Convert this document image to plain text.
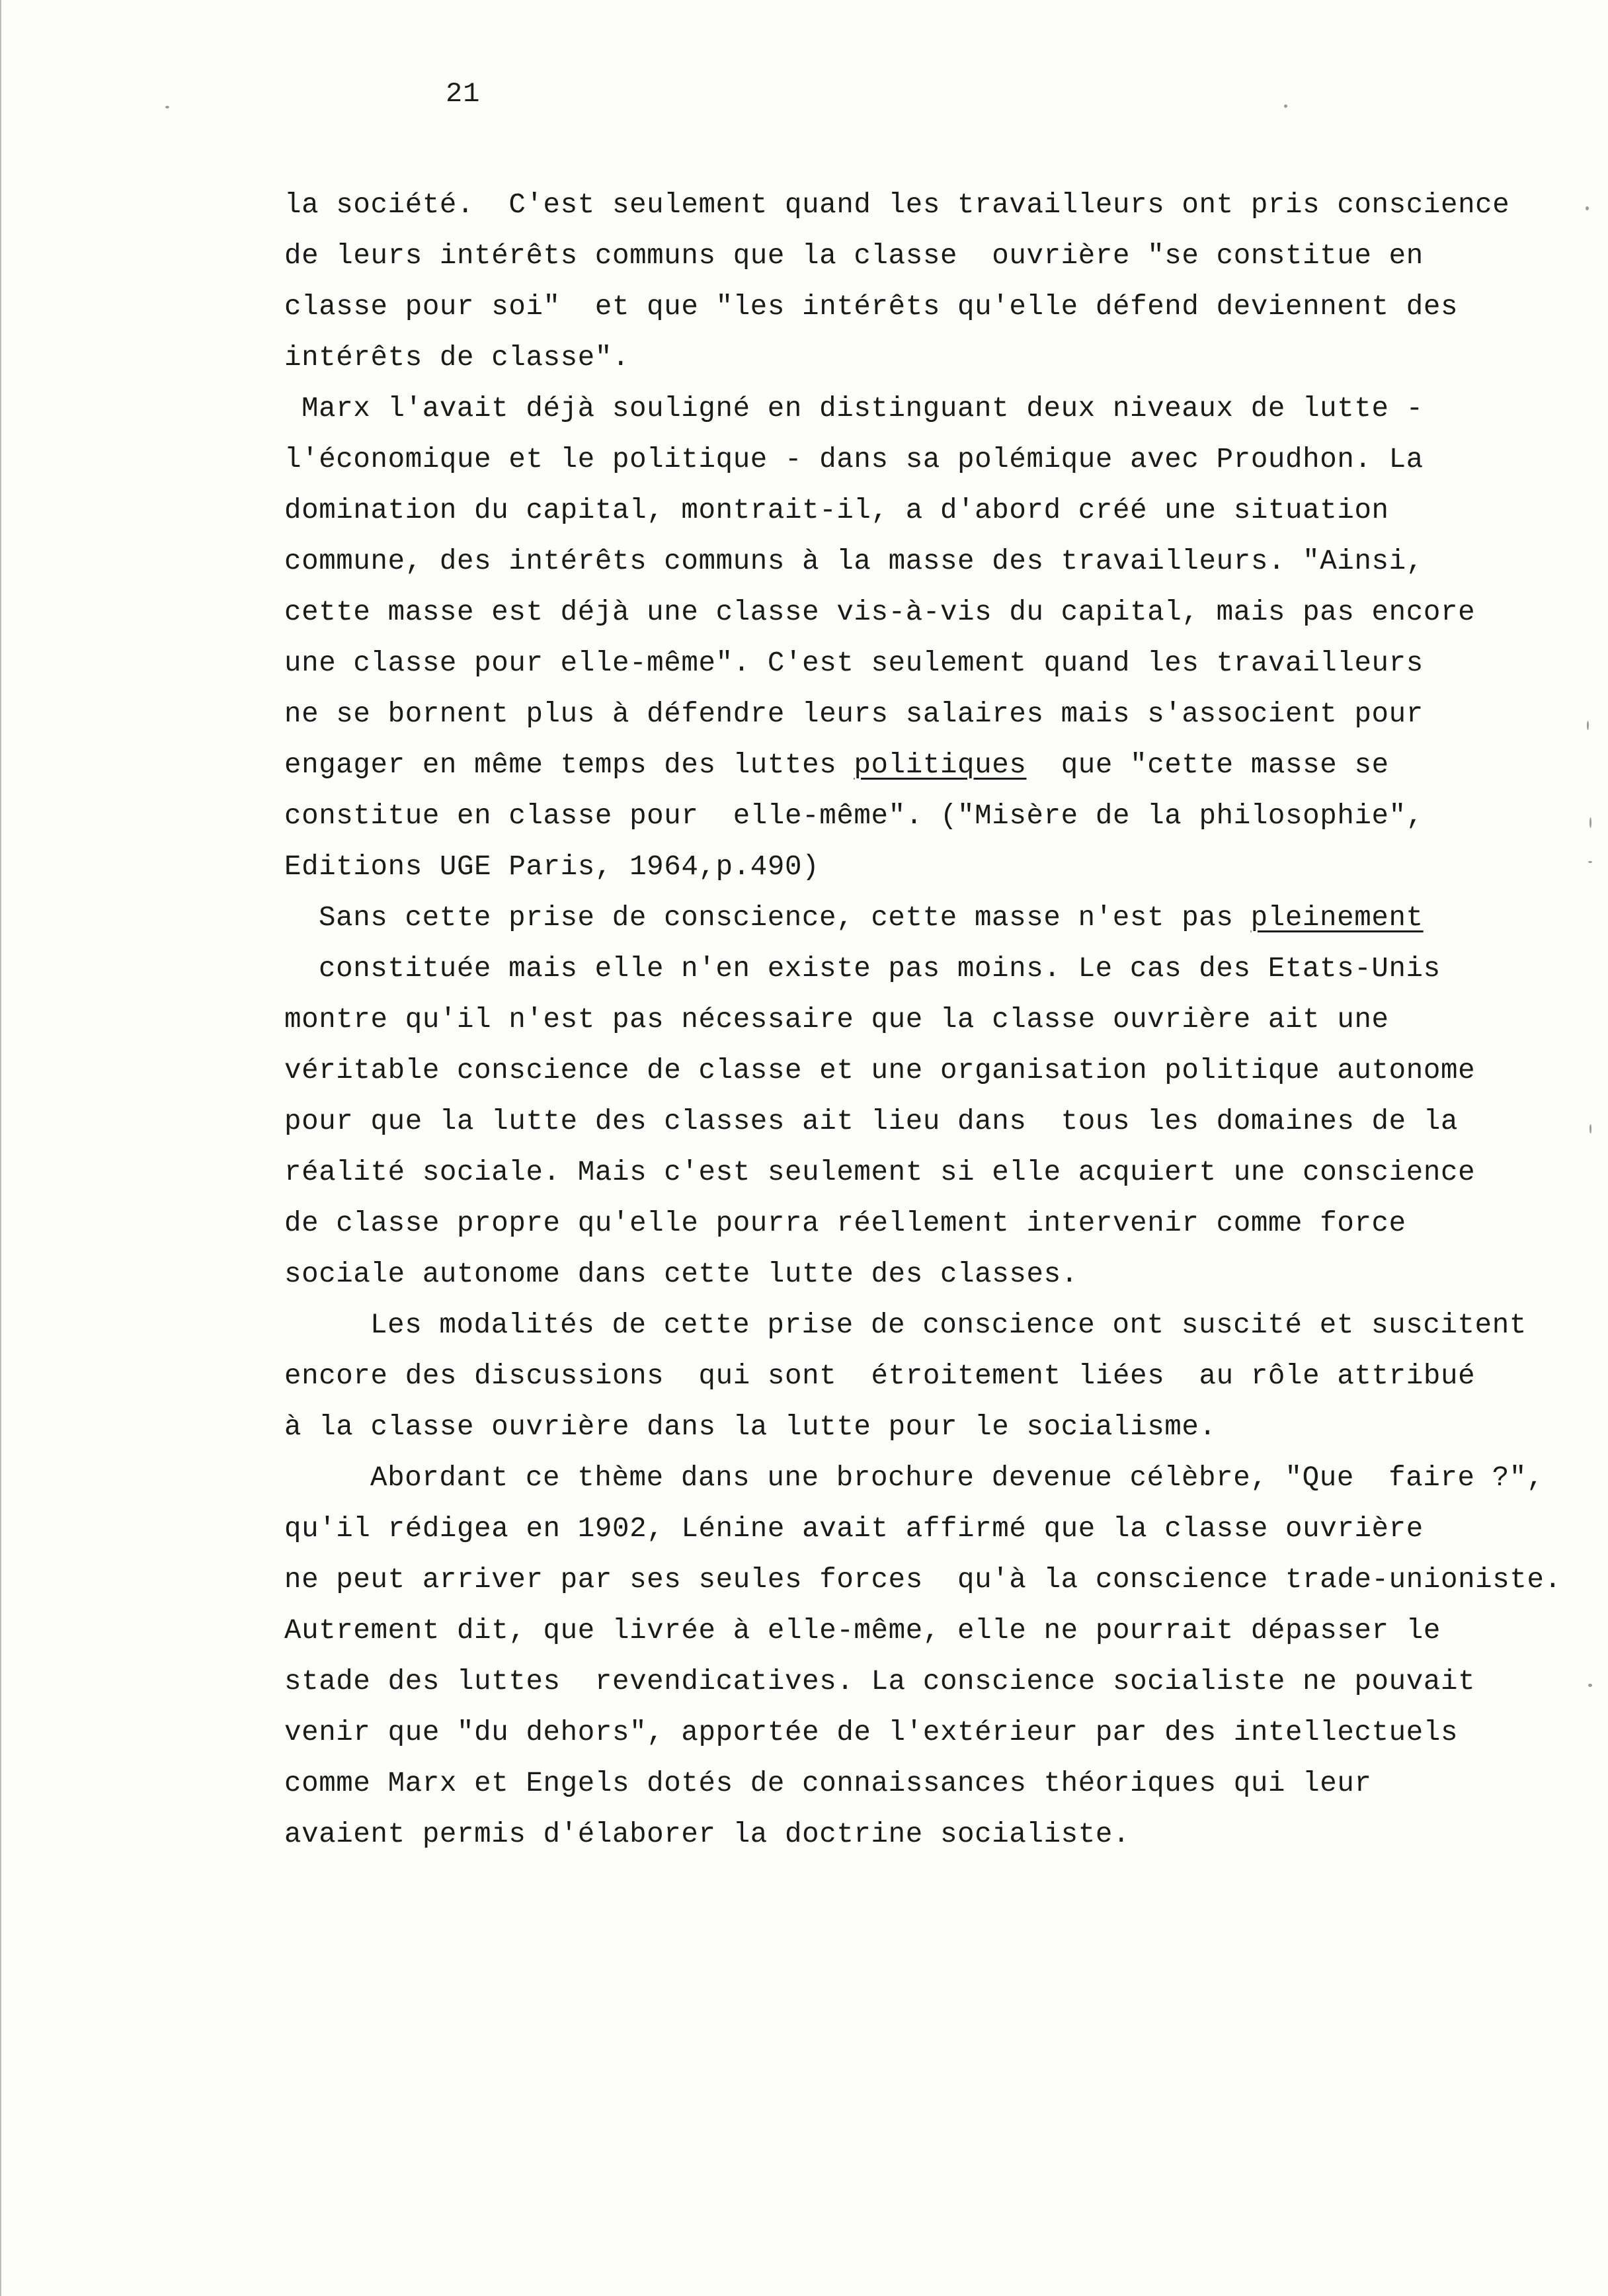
21
la société.  C'est seulement quand les travailleurs ont pris conscience
de leurs intérêts communs que la classe  ouvrière "se constitue en
classe pour soi"  et que "les intérêts qu'elle défend deviennent des
intérêts de classe".
Marx l'avait déjà souligné en distinguant deux niveaux de lutte -
l'économique et le politique - dans sa polémique avec Proudhon. La
domination du capital, montrait-il, a d'abord créé une situation
commune, des intérêts communs à la masse des travailleurs. "Ainsi,
cette masse est déjà une classe vis-à-vis du capital, mais pas encore
une classe pour elle-même". C'est seulement quand les travailleurs
ne se bornent plus à défendre leurs salaires mais s'associent pour
engager en même temps des luttes politiques  que "cette masse se
constitue en classe pour  elle-même". ("Misère de la philosophie",
Editions UGE Paris, 1964,p.490)
Sans cette prise de conscience, cette masse n'est pas pleinement
constituée mais elle n'en existe pas moins. Le cas des Etats-Unis
montre qu'il n'est pas nécessaire que la classe ouvrière ait une
véritable conscience de classe et une organisation politique autonome
pour que la lutte des classes ait lieu dans  tous les domaines de la
réalité sociale. Mais c'est seulement si elle acquiert une conscience
de classe propre qu'elle pourra réellement intervenir comme force
sociale autonome dans cette lutte des classes.
Les modalités de cette prise de conscience ont suscité et suscitent
encore des discussions  qui sont  étroitement liées  au rôle attribué
à la classe ouvrière dans la lutte pour le socialisme.
Abordant ce thème dans une brochure devenue célèbre, "Que  faire ?",
qu'il rédigea en 1902, Lénine avait affirmé que la classe ouvrière
ne peut arriver par ses seules forces  qu'à la conscience trade-unioniste.
Autrement dit, que livrée à elle-même, elle ne pourrait dépasser le
stade des luttes  revendicatives. La conscience socialiste ne pouvait
venir que "du dehors", apportée de l'extérieur par des intellectuels
comme Marx et Engels dotés de connaissances théoriques qui leur
avaient permis d'élaborer la doctrine socialiste.
